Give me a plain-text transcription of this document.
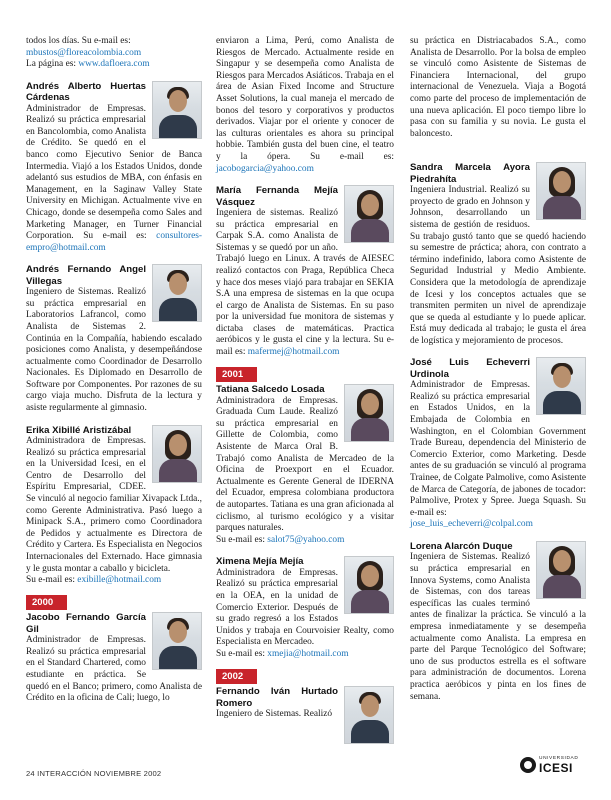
todos los días. Su e-mail es:
mbustos@floreacolombia.com
La página es: www.dafloera.com

Andrés Alberto Huertas Cárdenas

Administrador de Empresas. Realizó su práctica empresarial en Bancolombia, como Analista de Crédito. Se quedó en el banco como Ejecutivo Senior de Banca Intermedia. Viajó a los Estados Unidos, donde adelantó sus estudios de MBA, con énfasis en Management, en la Saginaw Valley State University en Michigan. Actualmente vive en Chicago, donde se desempeña como Sales and Marketing Manager, en Turner Financial Corporation. Su e-mail es: consultores-empro@hotmail.com

Andrés Fernando Angel Villegas

Ingeniero de Sistemas. Realizó su práctica empresarial en Laboratorios Lafrancol, como Analista de Sistemas 2. Continúa en la Compañía, habiendo escalado posiciones como Analista, y desempeñándose actualmente como Coordinador de Desarrollo Nacionales. Es Diplomado en Desarrollo de Software por Componentes. Por razones de su cargo viaja mucho. Disfruta de la lectura y asiste regularmente al gimnasio.

Erika Xibillé Aristizábal

Administradora de Empresas. Realizó su práctica empresarial en la Universidad Icesi, en el Centro de Desarrollo del Espíritu Empresarial, CDEE. Se vinculó al negocio familiar Xivapack Ltda., como Gerente Administrativa. Pasó luego a Minipack S.A., primero como Coordinadora de Pedidos y actualmente es Directora de Crédito y Cartera. Es Especialista en Negocios Internacionales del Externado. Hace gimnasia y le gusta montar a caballo y bicicleta.
Su e-mail es: exibille@hotmail.com

2000
Jacobo Fernando García Gil

Administrador de Empresas. Realizó su práctica empresarial en el Standard Chartered, como estudiante en práctica. Se quedó en el Banco; primero, como Analista de Crédito en la oficina de Cali; luego, lo

enviaron a Lima, Perú, como Analista de Riesgos de Mercado. Actualmente reside en Singapur y se desempeña como Analista de Riesgos para Mercados Asiáticos. Trabaja en el área de Asian Fixed Income and Structure Asset Solutions, la cual maneja el mercado de bonos del tesoro y corporativos y productos derivados. Viajar por el oriente y conocer de las culturas orientales es ahora su principal hobbie. También gusta del buen cine, el teatro y la ópera. Su e-mail es: jacobogarcia@yahoo.com

María Fernanda Mejía Vásquez

Ingeniera de sistemas. Realizó su práctica empresarial en Carpak S.A. como Analista de Sistemas y se quedó por un año. Trabajó luego en Linux. A través de AIESEC realizó contactos con Praga, República Checa y hace dos meses viajó para trabajar en SEKIA S.A una empresa de sistemas en la que ocupa el cargo de Analista de Sistemas. En su paso por la universidad fue monitora de sistemas y dictaba clases de matemáticas. Practica aeróbicos y le gusta el cine y la lectura. Su e-mail es: mafermej@hotmail.com

2001
Tatiana Salcedo Losada

Administradora de Empresas. Graduada Cum Laude. Realizó su práctica empresarial en Gillette de Colombia, como Asistente de Marca Oral B. Trabajó como Analista de Mercadeo de la Oficina de Proexport en el Ecuador. Actualmente es Gerente General de IDERNA del Ecuador, empresa colombiana productora de autopartes. Tatiana es una gran aficionada al ciclismo, al turismo ecológico y a visitar parques naturales.
Su e-mail es: salot75@yahoo.com

Ximena Mejía Mejía

Administradora de Empresas. Realizó su práctica empresarial en la OEA, en la unidad de Comercio Exterior. Después de su grado regresó a los Estados Unidos y trabaja en Courvoisier Realty, como Especialista en Mercadeo.
Su e-mail es: xmejia@hotmail.com

2002
Fernando Iván Hurtado Romero

Ingeniero de Sistemas. Realizó

su práctica en Distriacabados S.A., como Analista de Desarrollo. Por la bolsa de empleo se vinculó como Asistente de Sistemas de Financiera Internacional, del grupo internacional de Venezuela. Viaja a Bogotá como parte del proceso de implementación de una nueva aplicación. El poco tiempo libre lo pasa con su familia y su novia. Le gusta el baloncesto.

Sandra Marcela Ayora Piedrahíta

Ingeniera Industrial. Realizó su proyecto de grado en Johnson y Johnson, desarrollando un sistema de gestión de residuos. Su trabajo gustó tanto que se quedó haciendo su semestre de práctica; ahora, con contrato a término indefinido, labora como Asistente de Seguridad Industrial y Medio Ambiente. Considera que la metodología de aprendizaje de Icesi y los conceptos actuales que se transmiten permiten un nivel de aprendizaje que se queda al estudiante y lo puede aplicar. Está muy dedicada al trabajo; le gusta el área de logística y mejoramiento de procesos.

José Luis Echeverri Urdinola

Administrador de Empresas. Realizó su práctica empresarial en Estados Unidos, en la Embajada de Colombia en Washington, en el Colombian Government Trade Bureau, dependencia del Ministerio de Comercio Exterior, como Marketing. Desde antes de su graduación se vinculó al programa Trainee, de Colgate Palmolive, como Asistente de Marca de Categoría, de jabones de tocador: Palmolive, Protex y Spree. Juega Squash. Su e-mail es:
jose_luis_echeverri@colpal.com

Lorena Alarcón Duque

Ingeniera de Sistemas. Realizó su práctica empresarial en Innova Systems, como Analista de Sistemas, con dos tareas específicas las cuales terminó antes de finalizar la práctica. Se vinculó a la empresa inmediatamente y se desempeña actualmente como Analista. La empresa en parte del Parque Tecnológico del Software; uno de sus productos estrella es el software para administración de documentos. Lorena practica aeróbicos y pinta en los fines de semana.

24 INTERACCIÓN NOVIEMBRE 2002
UNIVERSIDAD
ICESI
